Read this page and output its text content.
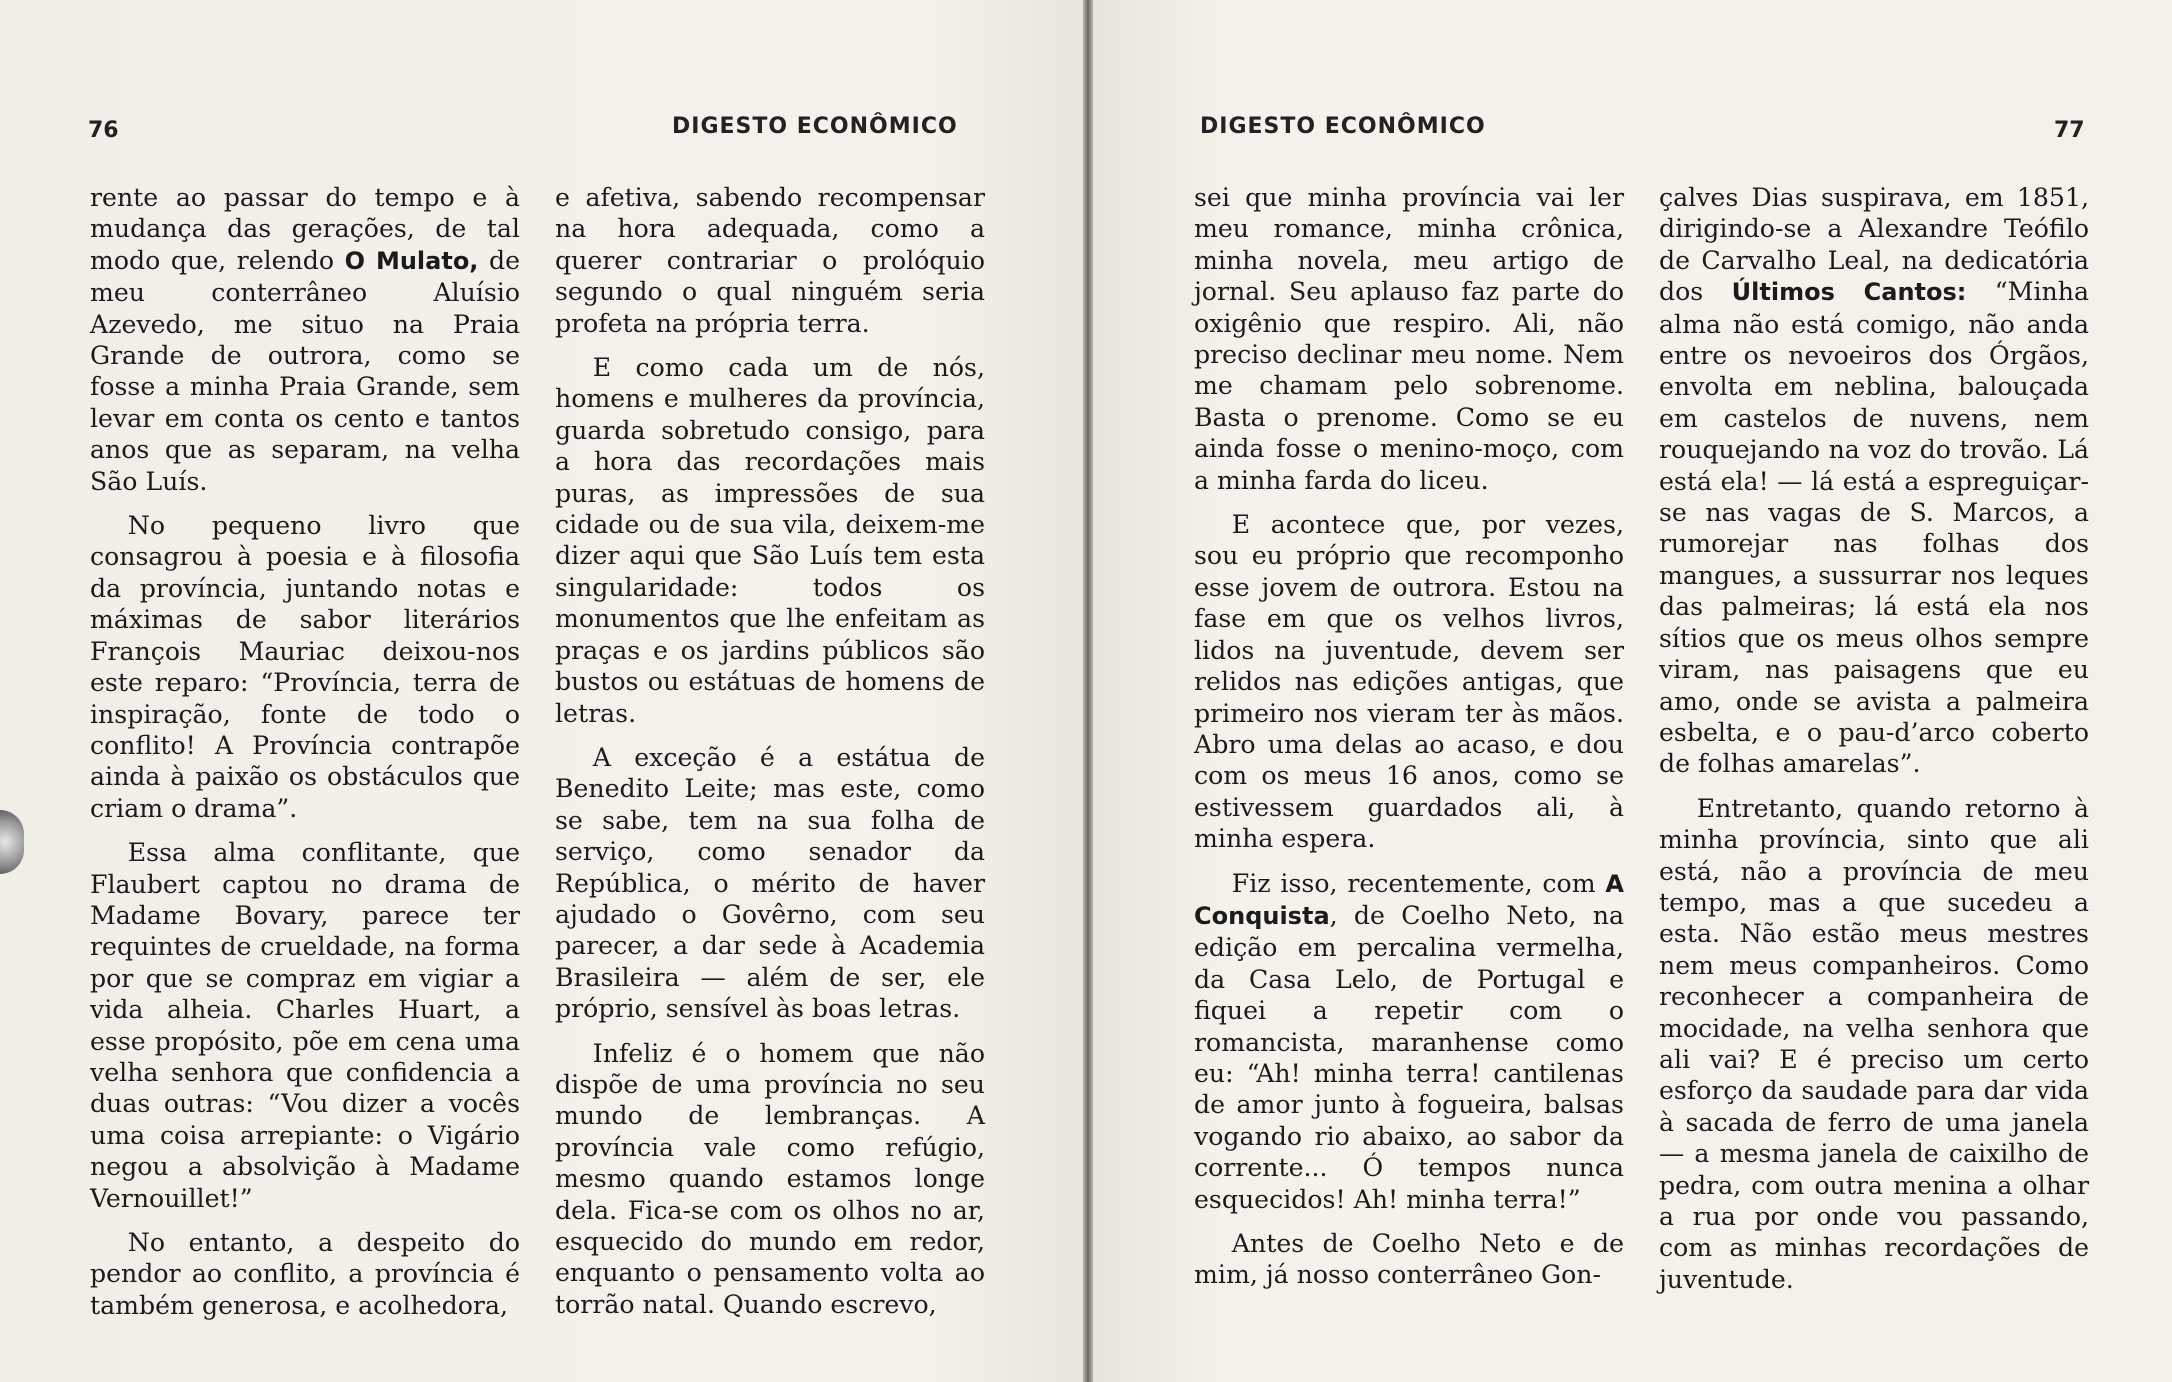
76	DIGESTO ECONÔMICO

rente ao passar do tempo e à mudança das gerações, de tal modo que, relendo O Mulato, de meu conterrâneo Aluísio Azevedo, me situo na Praia Grande de outrora, como se fosse a minha Praia Grande, sem levar em conta os cento e tantos anos que as separam, na velha São Luís.

No pequeno livro que consagrou à poesia e à filosofia da província, juntando notas e máximas de sabor literários François Mauriac deixou-nos este reparo: “Província, terra de inspiração, fonte de todo o conflito! A Província contrapõe ainda à paixão os obstáculos que criam o drama”.

Essa alma conflitante, que Flaubert captou no drama de Madame Bovary, parece ter requintes de crueldade, na forma por que se compraz em vigiar a vida alheia. Charles Huart, a esse propósito, põe em cena uma velha senhora que confidencia a duas outras: “Vou dizer a vocês uma coisa arrepiante: o Vigário negou a absolvição à Madame Vernouillet!”

No entanto, a despeito do pendor ao conflito, a província é também generosa, e acolhedora,

e afetiva, sabendo recompensar na hora adequada, como a querer contrariar o prolóquio segundo o qual ninguém seria profeta na própria terra.

E como cada um de nós, homens e mulheres da província, guarda sobretudo consigo, para a hora das recordações mais puras, as impressões de sua cidade ou de sua vila, deixem-me dizer aqui que São Luís tem esta singularidade: todos os monumentos que lhe enfeitam as praças e os jardins públicos são bustos ou estátuas de homens de letras.

A exceção é a estátua de Benedito Leite; mas este, como se sabe, tem na sua folha de serviço, como senador da República, o mérito de haver ajudado o Govêrno, com seu parecer, a dar sede à Academia Brasileira — além de ser, ele próprio, sensível às boas letras.

Infeliz é o homem que não dispõe de uma província no seu mundo de lembranças. A província vale como refúgio, mesmo quando estamos longe dela. Fica-se com os olhos no ar, esquecido do mundo em redor, enquanto o pensamento volta ao torrão natal. Quando escrevo,

DIGESTO ECONÔMICO	77

sei que minha província vai ler meu romance, minha crônica, minha novela, meu artigo de jornal. Seu aplauso faz parte do oxigênio que respiro. Ali, não preciso declinar meu nome. Nem me chamam pelo sobrenome. Basta o prenome. Como se eu ainda fosse o menino-moço, com a minha farda do liceu.

E acontece que, por vezes, sou eu próprio que recomponho esse jovem de outrora. Estou na fase em que os velhos livros, lidos na juventude, devem ser relidos nas edições antigas, que primeiro nos vieram ter às mãos. Abro uma delas ao acaso, e dou com os meus 16 anos, como se estivessem guardados ali, à minha espera.

Fiz isso, recentemente, com A Conquista, de Coelho Neto, na edição em percalina vermelha, da Casa Lelo, de Portugal e fiquei a repetir com o romancista, maranhense como eu: “Ah! minha terra! cantilenas de amor junto à fogueira, balsas vogando rio abaixo, ao sabor da corrente... Ó tempos nunca esquecidos! Ah! minha terra!”

Antes de Coelho Neto e de mim, já nosso conterrâneo Gon-

çalves Dias suspirava, em 1851, dirigindo-se a Alexandre Teófilo de Carvalho Leal, na dedicatória dos Últimos Cantos: “Minha alma não está comigo, não anda entre os nevoeiros dos Órgãos, envolta em neblina, balouçada em castelos de nuvens, nem rouquejando na voz do trovão. Lá está ela! — lá está a espreguiçar-se nas vagas de S. Marcos, a rumorejar nas folhas dos mangues, a sussurrar nos leques das palmeiras; lá está ela nos sítios que os meus olhos sempre viram, nas paisagens que eu amo, onde se avista a palmeira esbelta, e o pau-d’arco coberto de folhas amarelas”.

Entretanto, quando retorno à minha província, sinto que ali está, não a província de meu tempo, mas a que sucedeu a esta. Não estão meus mestres nem meus companheiros. Como reconhecer a companheira de mocidade, na velha senhora que ali vai? E é preciso um certo esforço da saudade para dar vida à sacada de ferro de uma janela — a mesma janela de caixilho de pedra, com outra menina a olhar a rua por onde vou passando, com as minhas recordações de juventude.
